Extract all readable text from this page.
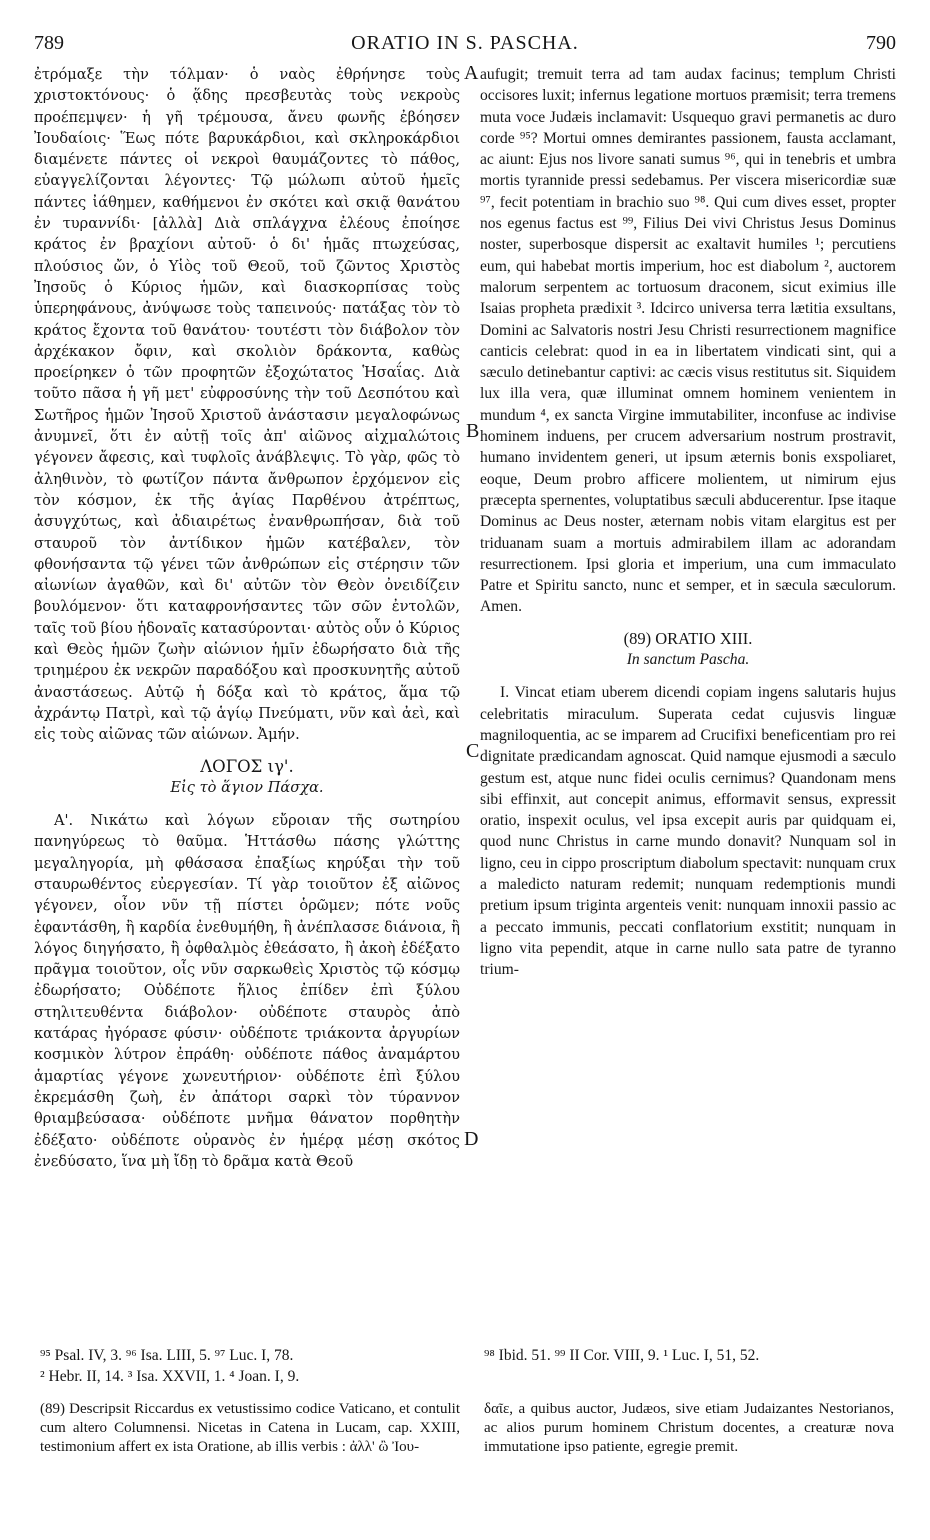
789	ORATIO IN S. PASCHA.	790

ἐτρόμαξε τὴν τόλμαν· ὁ ναὸς ἐθρήνησε τοὺς χριστοκτόνους· ὁ ᾅδης πρεσβευτὰς τοὺς νεκροὺς προέπεμψεν· ἡ γῆ τρέμουσα, ἄνευ φωνῆς ἐβόησεν Ἰουδαίοις· Ἕως πότε βαρυκάρδιοι, καὶ σκληροκάρδιοι διαμένετε πάντες οἱ νεκροὶ θαυμάζοντες τὸ πάθος, εὐαγγελίζονται λέγοντες· Τῷ μώλωπι αὐτοῦ ἡμεῖς πάντες ἰάθημεν, καθήμενοι ἐν σκότει καὶ σκιᾷ θανάτου ἐν τυραννίδι· [ἀλλὰ] Διὰ σπλάγχνα ἐλέους ἐποίησε κράτος ἐν βραχίονι αὐτοῦ· ὁ δι' ἡμᾶς πτωχεύσας, πλούσιος ὤν, ὁ Υἱὸς τοῦ Θεοῦ, τοῦ ζῶντος Χριστὸς Ἰησοῦς ὁ Κύριος ἡμῶν, καὶ διασκορπίσας τοὺς ὑπερηφάνους, ἀνύψωσε τοὺς ταπεινούς· πατάξας τὸν τὸ κράτος ἔχοντα τοῦ θανάτου· τουτέστι τὸν διάβολον τὸν ἀρχέκακον ὄφιν, καὶ σκολιὸν δράκοντα, καθὼς προείρηκεν ὁ τῶν προφητῶν ἐξοχώτατος Ἡσαΐας. Διὰ τοῦτο πᾶσα ἡ γῆ μετ' εὐφροσύνης τὴν τοῦ Δεσπότου καὶ Σωτῆρος ἡμῶν Ἰησοῦ Χριστοῦ ἀνάστασιν μεγαλοφώνως ἀνυμνεῖ, ὅτι ἐν αὐτῇ τοῖς ἀπ' αἰῶνος αἰχμαλώτοις γέγονεν ἄφεσις, καὶ τυφλοῖς ἀνάβλεψις. Τὸ γὰρ, φῶς τὸ ἀληθινὸν, τὸ φωτίζον πάντα ἄνθρωπον ἐρχόμενον εἰς τὸν κόσμον, ἐκ τῆς ἁγίας Παρθένου ἀτρέπτως, ἀσυγχύτως, καὶ ἀδιαιρέτως ἐνανθρωπήσαν, διὰ τοῦ σταυροῦ τὸν ἀντίδικον ἡμῶν κατέβαλεν, τὸν φθονήσαντα τῷ γένει τῶν ἀνθρώπων εἰς στέρησιν τῶν αἰωνίων ἀγαθῶν, καὶ δι' αὐτῶν τὸν Θεὸν ὀνειδίζειν βουλόμενον· ὅτι καταφρονήσαντες τῶν σῶν ἐντολῶν, ταῖς τοῦ βίου ἡδοναῖς κατασύρονται· αὐτὸς οὖν ὁ Κύριος καὶ Θεὸς ἡμῶν ζωὴν αἰώνιον ἡμῖν ἐδωρήσατο διὰ τῆς τριημέρου ἐκ νεκρῶν παραδόξου καὶ προσκυνητῆς αὐτοῦ ἀναστάσεως. Αὐτῷ ἡ δόξα καὶ τὸ κράτος, ἅμα τῷ ἀχράντῳ Πατρὶ, καὶ τῷ ἁγίῳ Πνεύματι, νῦν καὶ ἀεὶ, καὶ εἰς τοὺς αἰῶνας τῶν αἰώνων. Ἀμήν.

ΛΟΓΟΣ ιγ'.

Εἰς τὸ ἅγιον Πάσχα.

Α'. Νικάτω καὶ λόγων εὔροιαν τῆς σωτηρίου πανηγύρεως τὸ θαῦμα. Ἡττάσθω πάσης γλώττης μεγαληγορία, μὴ φθάσασα ἐπαξίως κηρύξαι τὴν τοῦ σταυρωθέντος εὐεργεσίαν. Τί γὰρ τοιοῦτον ἐξ αἰῶνος γέγονεν, οἷον νῦν τῇ πίστει ὁρῶμεν; πότε νοῦς ἐφαντάσθη, ἢ καρδία ἐνεθυμήθη, ἢ ἀνέπλασσε διάνοια, ἢ λόγος διηγήσατο, ἢ ὀφθαλμὸς ἐθεάσατο, ἢ ἀκοὴ ἐδέξατο πρᾶγμα τοιοῦτον, οἷς νῦν σαρκωθεὶς Χριστὸς τῷ κόσμῳ ἐδωρήσατο; Οὐδέποτε ἥλιος ἐπίδεν ἐπὶ ξύλου στηλιτευθέντα διάβολον· οὐδέποτε σταυρὸς ἀπὸ κατάρας ἠγόρασε φύσιν· οὐδέποτε τριάκοντα ἀργυρίων κοσμικὸν λύτρον ἐπράθη· οὐδέποτε πάθος ἀναμάρτου ἁμαρτίας γέγονε χωνευτήριον· οὐδέποτε ἐπὶ ξύλου ἐκρεμάσθη ζωὴ, ἐν ἀπάτορι σαρκὶ τὸν τύραννον θριαμβεύσασα· οὐδέποτε μνῆμα θάνατον πορθητὴν ἐδέξατο· οὐδέποτε οὐρανὸς ἐν ἡμέρᾳ μέσῃ σκότος ἐνεδύσατο, ἵνα μὴ ἴδῃ τὸ δρᾶμα κατὰ Θεοῦ

aufugit; tremuit terra ad tam audax facinus; templum Christi occisores luxit; infernus legatione mortuos præmisit; terra tremens muta voce Judæis inclamavit: Usquequo gravi permanetis ac duro corde ⁹⁵? Mortui omnes demirantes passionem, fausta acclamant, ac aiunt: Ejus nos livore sanati sumus ⁹⁶, qui in tenebris et umbra mortis tyrannide pressi sedebamus. Per viscera misericordiæ suæ ⁹⁷, fecit potentiam in brachio suo ⁹⁸. Qui cum dives esset, propter nos egenus factus est ⁹⁹, Filius Dei vivi Christus Jesus Dominus noster, superbosque dispersit ac exaltavit humiles ¹; percutiens eum, qui habebat mortis imperium, hoc est diabolum ², auctorem malorum serpentem ac tortuosum draconem, sicut eximius ille Isaias propheta prædixit ³. Idcirco universa terra lætitia exsultans, Domini ac Salvatoris nostri Jesu Christi resurrectionem magnifice canticis celebrat: quod in ea in libertatem vindicati sint, qui a sæculo detinebantur captivi: ac cæcis visus restitutus sit. Siquidem lux illa vera, quæ illuminat omnem hominem venientem in mundum ⁴, ex sancta Virgine immutabiliter, inconfuse ac indivise hominem induens, per crucem adversarium nostrum prostravit, humano invidentem generi, ut ipsum æternis bonis exspoliaret, eoque, Deum probro afficere molientem, ut nimirum ejus præcepta spernentes, voluptatibus sæculi abducerentur. Ipse itaque Dominus ac Deus noster, æternam nobis vitam elargitus est per triduanam suam a mortuis admirabilem illam ac adorandam resurrectionem. Ipsi gloria et imperium, una cum immaculato Patre et Spiritu sancto, nunc et semper, et in sæcula sæculorum. Amen.

(89) ORATIO XIII.

In sanctum Pascha.

I. Vincat etiam uberem dicendi copiam ingens salutaris hujus celebritatis miraculum. Superata cedat cujusvis linguæ magniloquentia, ac se imparem ad Crucifixi beneficentiam pro rei dignitate prædicandam agnoscat. Quid namque ejusmodi a sæculo gestum est, atque nunc fidei oculis cernimus? Quandonam mens sibi effinxit, aut concepit animus, efformavit sensus, expressit oratio, inspexit oculus, vel ipsa excepit auris par quidquam ei, quod nunc Christus in carne mundo donavit? Nunquam sol in ligno, ceu in cippo proscriptum diabolum spectavit: nunquam crux a maledicto naturam redemit; nunquam redemptionis mundi pretium ipsum triginta argenteis venit: nunquam innoxii passio ac a peccato immunis, peccati conflatorium exstitit; nunquam in ligno vita pependit, atque in carne nullo sata patre de tyranno trium-

A
B
C
D
⁹⁵ Psal. IV, 3. ⁹⁶ Isa. LIII, 5. ⁹⁷ Luc. I, 78.
² Hebr. II, 14. ³ Isa. XXVII, 1. ⁴ Joan. I, 9.
⁹⁸ Ibid. 51. ⁹⁹ II Cor. VIII, 9. ¹ Luc. I, 51, 52.
(89) Descripsit Riccardus ex vetustissimo codice Vaticano, et contulit cum altero Columnensi. Nicetas in Catena in Lucam, cap. XXIII, testimonium affert ex ista Oratione, ab illis verbis : ἀλλ' ὢ Ἰου-
δαῖε, a quibus auctor, Judæos, sive etiam Judaizantes Nestorianos, ac alios purum hominem Christum docentes, a creaturæ nova immutatione ipso patiente, egregie premit.
